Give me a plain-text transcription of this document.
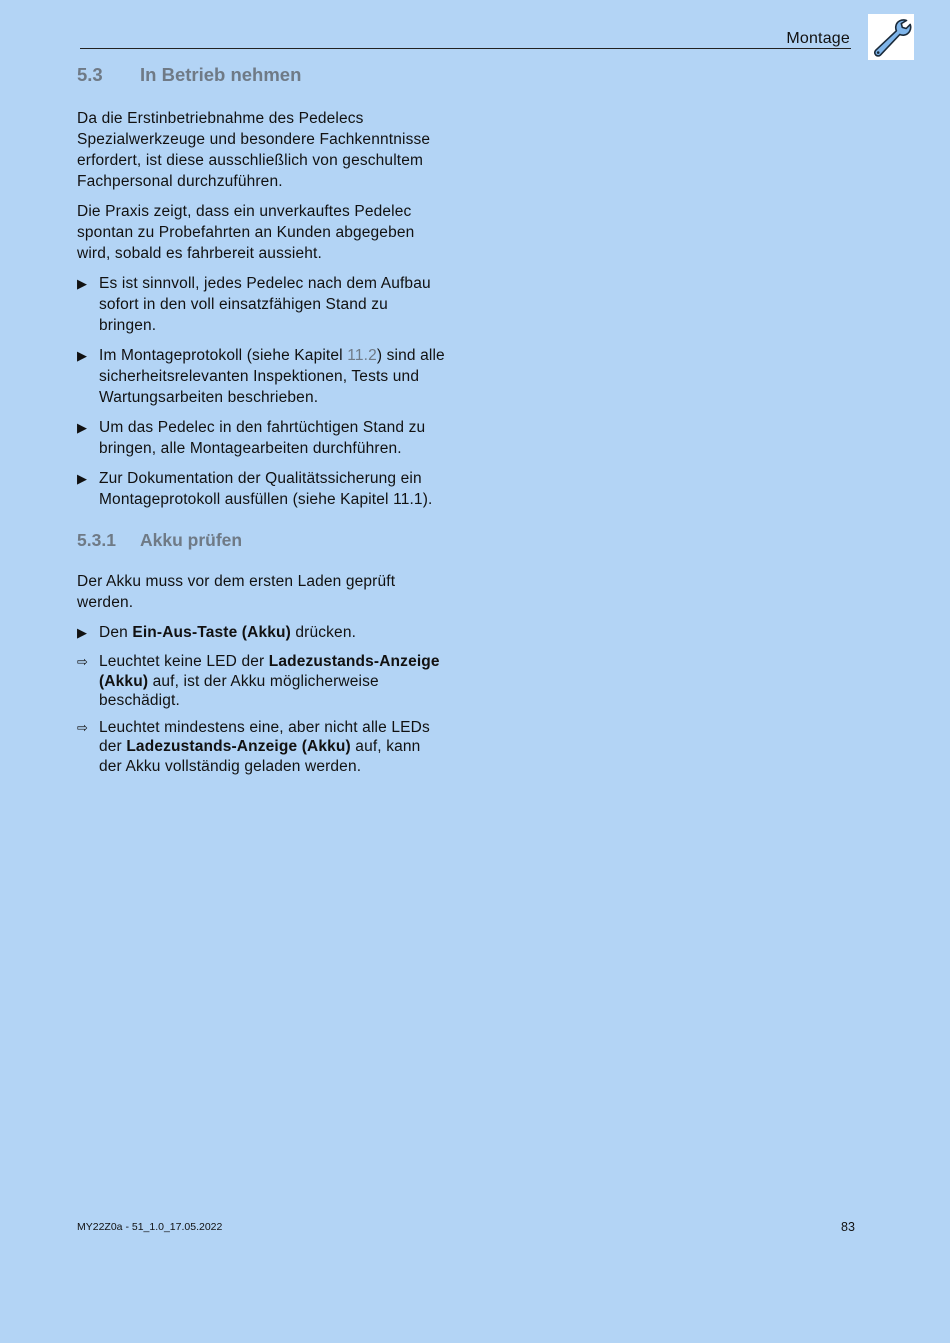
Montage
5.3	In Betrieb nehmen

Da die Erstinbetriebnahme des Pedelecs Spezialwerkzeuge und besondere Fachkenntnisse erfordert, ist diese ausschließlich von geschultem Fachpersonal durchzuführen.

Die Praxis zeigt, dass ein unverkauftes Pedelec spontan zu Probefahrten an Kunden abgegeben wird, sobald es fahrbereit aussieht.

▶ Es ist sinnvoll, jedes Pedelec nach dem Aufbau sofort in den voll einsatzfähigen Stand zu bringen.
▶ Im Montageprotokoll (siehe Kapitel 11.2) sind alle sicherheitsrelevanten Inspektionen, Tests und Wartungsarbeiten beschrieben.
▶ Um das Pedelec in den fahrtüchtigen Stand zu bringen, alle Montagearbeiten durchführen.
▶ Zur Dokumentation der Qualitätssicherung ein Montageprotokoll ausfüllen (siehe Kapitel 11.1).
5.3.1	Akku prüfen

Der Akku muss vor dem ersten Laden geprüft werden.

▶ Den Ein-Aus-Taste (Akku) drücken.
⇨ Leuchtet keine LED der Ladezustands-Anzeige (Akku) auf, ist der Akku möglicherweise beschädigt.
⇨ Leuchtet mindestens eine, aber nicht alle LEDs der Ladezustands-Anzeige (Akku) auf, kann der Akku vollständig geladen werden.
MY22Z0a - 51_1.0_17.05.2022	83
